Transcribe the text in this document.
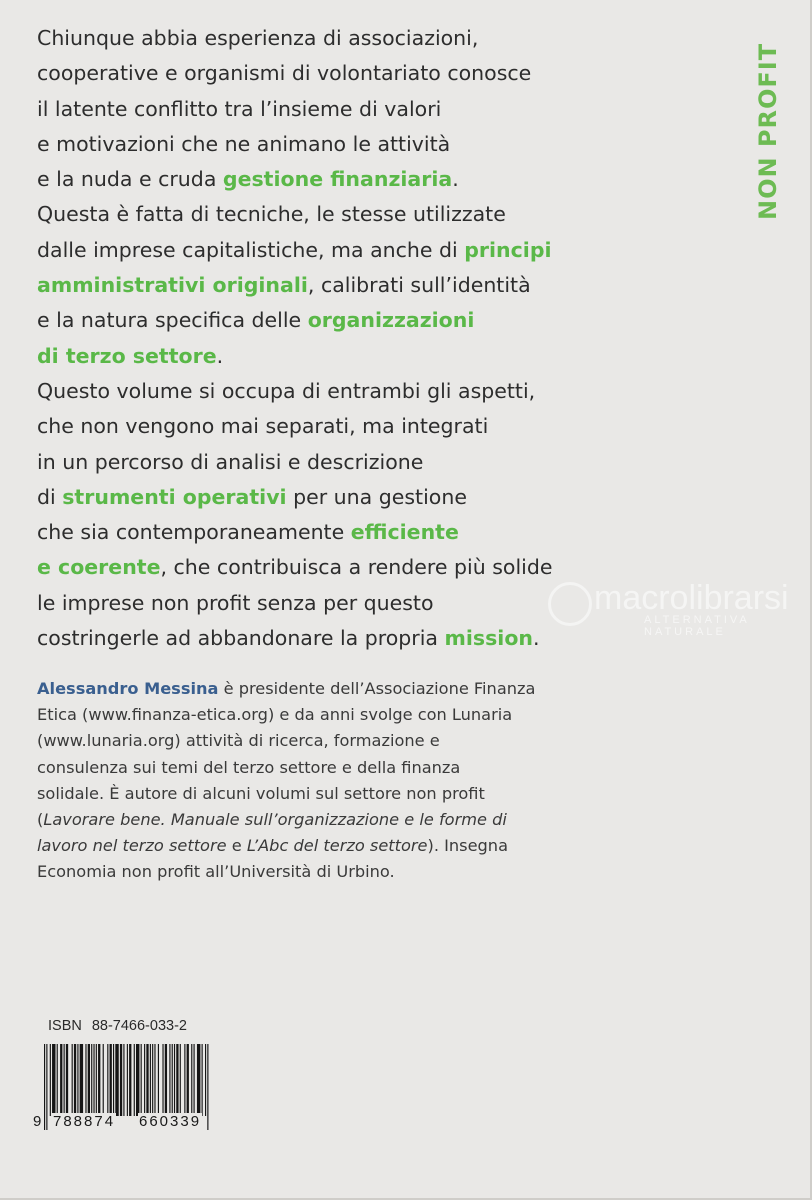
NON PROFIT
Chiunque abbia esperienza di associazioni,
cooperative e organismi di volontariato conosce
il latente conflitto tra l’insieme di valori
e motivazioni che ne animano le attività
e la nuda e cruda gestione finanziaria.
Questa è fatta di tecniche, le stesse utilizzate
dalle imprese capitalistiche, ma anche di principi
amministrativi originali, calibrati sull’identità
e la natura specifica delle organizzazioni
di terzo settore.
Questo volume si occupa di entrambi gli aspetti,
che non vengono mai separati, ma integrati
in un percorso di analisi e descrizione
di strumenti operativi per una gestione
che sia contemporaneamente efficiente
e coerente, che contribuisca a rendere più solide
le imprese non profit senza per questo
costringerle ad abbandonare la propria mission.
macrolibrarsi
ALTERNATIVA NATURALE
Alessandro Messina è presidente dell’Associazione Finanza
Etica (www.finanza-etica.org) e da anni svolge con Lunaria
(www.lunaria.org) attività di ricerca, formazione e
consulenza sui temi del terzo settore e della finanza
solidale. È autore di alcuni volumi sul settore non profit
(Lavorare bene. Manuale sull’organizzazione e le forme di
lavoro nel terzo settore e L’Abc del terzo settore). Insegna
Economia non profit all’Università di Urbino.
ISBN 88-7466-033-2
9 788874 660339
